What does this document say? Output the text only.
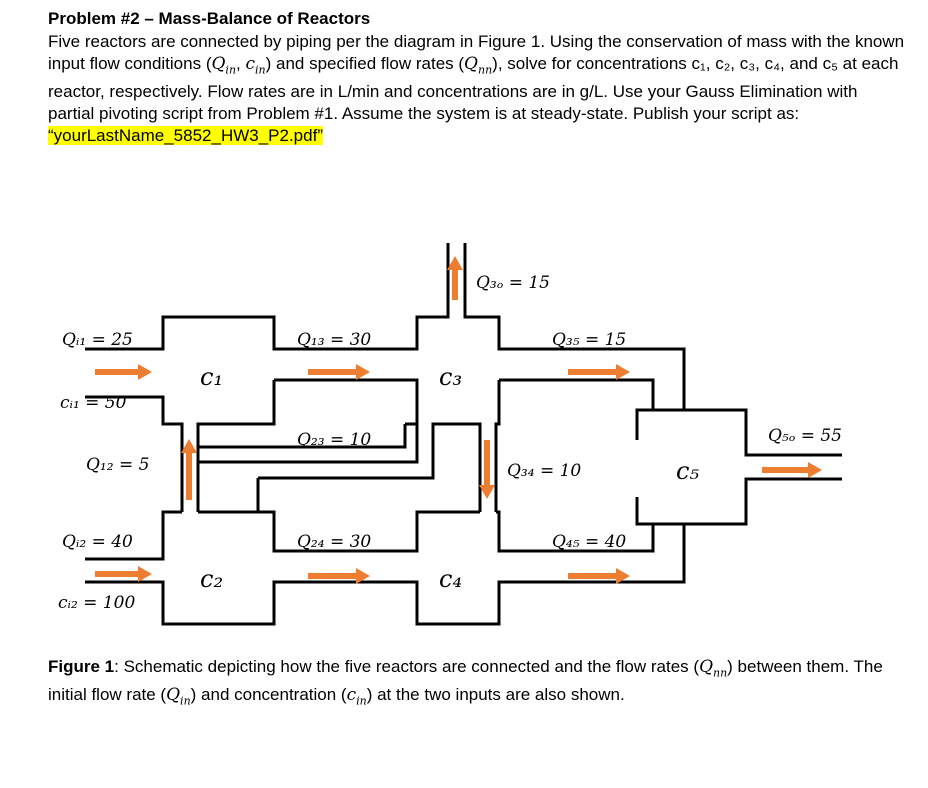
Problem #2 – Mass-Balance of Reactors

Five reactors are connected by piping per the diagram in Figure 1. Using the conservation of mass with the known input flow conditions ($Q_{in}$, $c_{in}$) and specified flow rates $(Q_{nn})$, solve for concentrations c₁, c₂, c₃, c₄, and c₅ at each reactor, respectively. Flow rates are in L/min and concentrations are in g/L. Use your Gauss Elimination with partial pivoting script from Problem #1. Assume the system is at steady-state. Publish your script as:
“yourLastName_5852_HW3_P2.pdf”

c₁	c₃
c₅
c₂	c₄
Qᵢ₁ = 25
cᵢ₁ = 50
Q₁₂ = 5
Qᵢ₂ = 40
cᵢ₂ = 100
Q₁₃ = 30
Q₂₃ = 10
Q₂₄ = 30
Q₃ₒ = 15
Q₃₅ = 15
Q₃₄ = 10
Q₄₅ = 40
Q₅ₒ = 55
Figure 1: Schematic depicting how the five reactors are connected and the flow rates $(Q_{nn})$ between them. The initial flow rate $(Q_{in})$ and concentration $(c_{in})$ at the two inputs are also shown.
